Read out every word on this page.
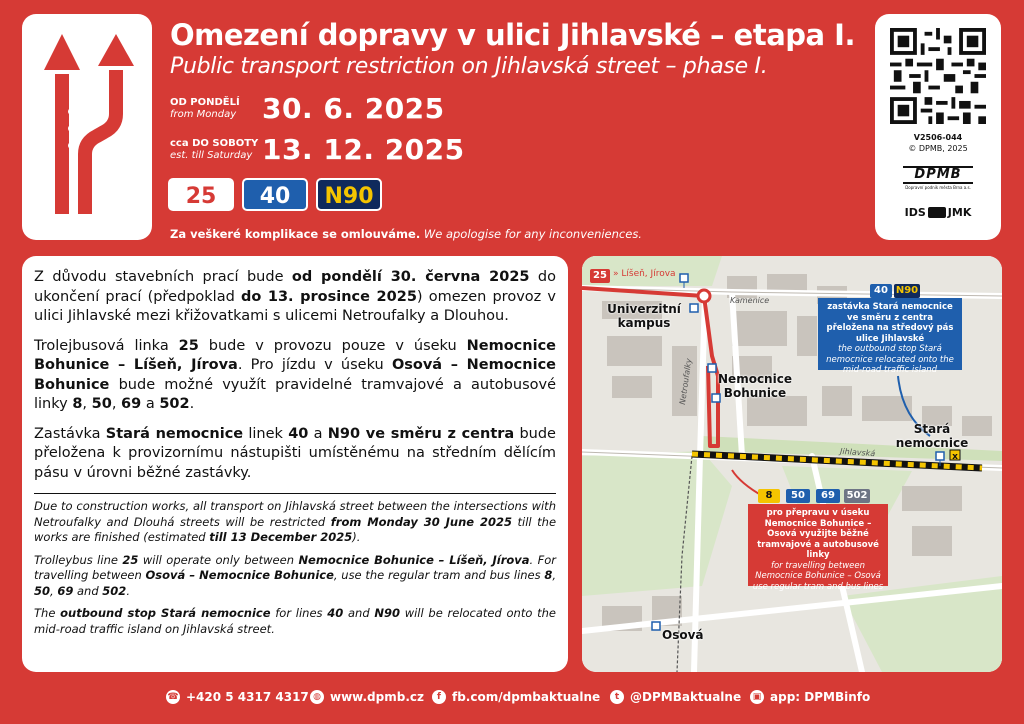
Omezení dopravy v ulici Jihlavské – etapa I.
Public transport restriction on Jihlavská street – phase I.
OD PONDĚLÍ
from Monday 30. 6. 2025
cca DO SOBOTY
est. till Saturday 13. 12. 2025
25	40	N90
Za veškeré komplikace se omlouváme. We apologise for any inconveniences.
V2506-044
© DPMB, 2025
DPMB
Dopravní podnik města Brna a.s.
IDS JMK

Z důvodu stavebních prací bude od pondělí 30. června 2025 do ukončení prací (předpoklad do 13. prosince 2025) omezen provoz v ulici Jihlavské mezi křižovatkami s ulicemi Netroufalky a Dlouhou.

Trolejbusová linka 25 bude v provozu pouze v úseku Nemocnice Bohunice – Líšeň, Jírova. Pro jízdu v úseku Osová – Nemocnice Bohunice bude možné využít pravidelné tramvajové a autobusové linky 8, 50, 69 a 502.

Zastávka Stará nemocnice linek 40 a N90 ve směru z centra bude přeložena k provizornímu nástupišti umístěnému na středním dělícím pásu v úrovni běžné zastávky.

Due to construction works, all transport on Jihlavská street between the intersections with Netroufalky and Dlouhá streets will be restricted from Monday 30 June 2025 till the works are finished (estimated till 13 December 2025).

Trolleybus line 25 will operate only between Nemocnice Bohunice – Líšeň, Jírova. For travelling between Osová – Nemocnice Bohunice, use the regular tram and bus lines 8, 50, 69 and 502.

The outbound stop Stará nemocnice for lines 40 and N90 will be relocated onto the mid-road traffic island on Jihlavská street.

x
25 » Líšeň, Jírova
Univerzitní kampus
Nemocnice Bohunice
Stará nemocnice
Osová
Kamenice
Netroufalky
Jihlavská
40 N90
zastávka Stará nemocnice ve směru z centra přeložena na středový pás ulice Jihlavské
the outbound stop Stará nemocnice relocated onto the mid-road traffic island
8	50	69	502
pro přepravu v úseku Nemocnice Bohunice – Osová využijte běžné tramvajové a autobusové linky
for travelling between Nemocnice Bohunice – Osová use regular tram and bus lines
☎ +420 5 4317 4317 ◍ www.dpmb.cz	f fb.com/dpmbaktualne	t @DPMBaktualne	▣ app: DPMBinfo
